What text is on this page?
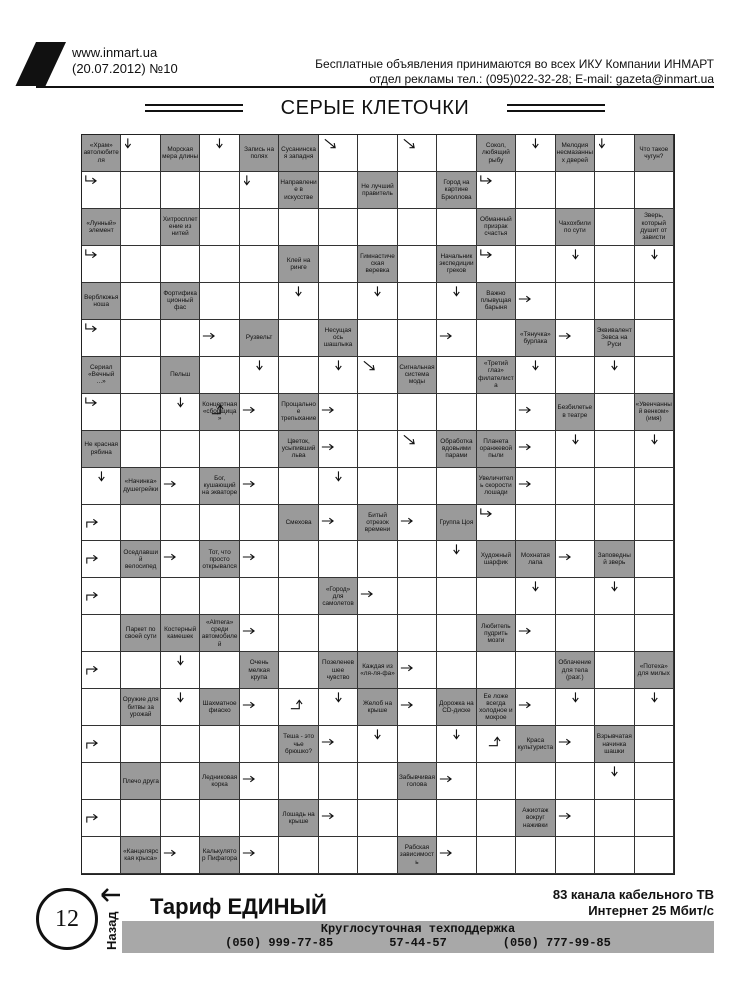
www.inmart.ua
(20.07.2012) №10	Бесплатные объявления принимаются во всех ИКУ Компании ИНМАРТ
отдел рекламы тел.: (095)022-32-28; E-mail: gazeta@inmart.ua
СЕРЫЕ КЛЕТОЧКИ
«Храм» автолюбителя
Морская мера длины
Запись на полях
Сусанинская западня
Сокол, любящий рыбу
Мелодия несмазанных дверей
Что такое чугун?
Направление в искусстве
Не лучший правитель
Город на картине Брюллова
«Лунный» элемент
Хитросплетение из нитей
Обманный призрак счастья
Чахохбили по сути
Зверь, который душит от зависти
Клей на ринге
Гимнастическая веревка
Начальник экспедиции греков
Верблюжья ноша
Фортификационный фас
Важно плывущая барыня
Рузвельт
Несущая ось шашлыка
«Тянучка» бурлака
Эквивалент Зевса на Руси
Сериал «Вечный ...»
Пельш
Сигнальная система моды
«Третий глаз» филателиста
Концертная «сборщица»
Прощальное трепыхание
Безбилетье в театре
«Увенчанный венком» (имя)
Не красная рябина
Цветок, усыпивший льва
Обработка вдовьими парами
Планета оранжевой пыли
«Начинка» душегрейки
Бог, кушающий на экваторе
Увеличитель скорости лошади
Смехова
Битый отрезок времени
Группа Цоя
Оседлавший велосипед
Тот, что просто открывался
Художный шарфик
Мохнатая лапа
Заповедный зверь
«Город» для самолетов
Паркет по своей сути
Костерный камешек
«Almera» среди автомобилей
Любитель пудрить мозги
Очень мелкая крупа
Позеленевшее чувство
Каждая из «ля-ля-фа»
Облачение для тела (разг.)
«Потеха» для милых
Оружие для битвы за урожай
Шахматное фиаско
Желоб на крыше
Дорожка на CD-диске
Ее ложе всегда холодное и мокрое
Теша - это чье брюшко?
Краса культуриста
Взрывчатая начинка шашки
Плечо друга
Ледниковая корка
Забывчивая голова
Лошадь на крыше
Ажиотаж вокруг наживки
«Канцелярская крыса»
Калькулятор Пифагора
Рабская зависимость
12	Назад
Тариф ЕДИНЫЙ	83 канала кабельного ТВ
Интернет 25 Мбит/с
Круглосуточная техподдержка
(050) 999-77-85	57-44-57	(050) 777-99-85
